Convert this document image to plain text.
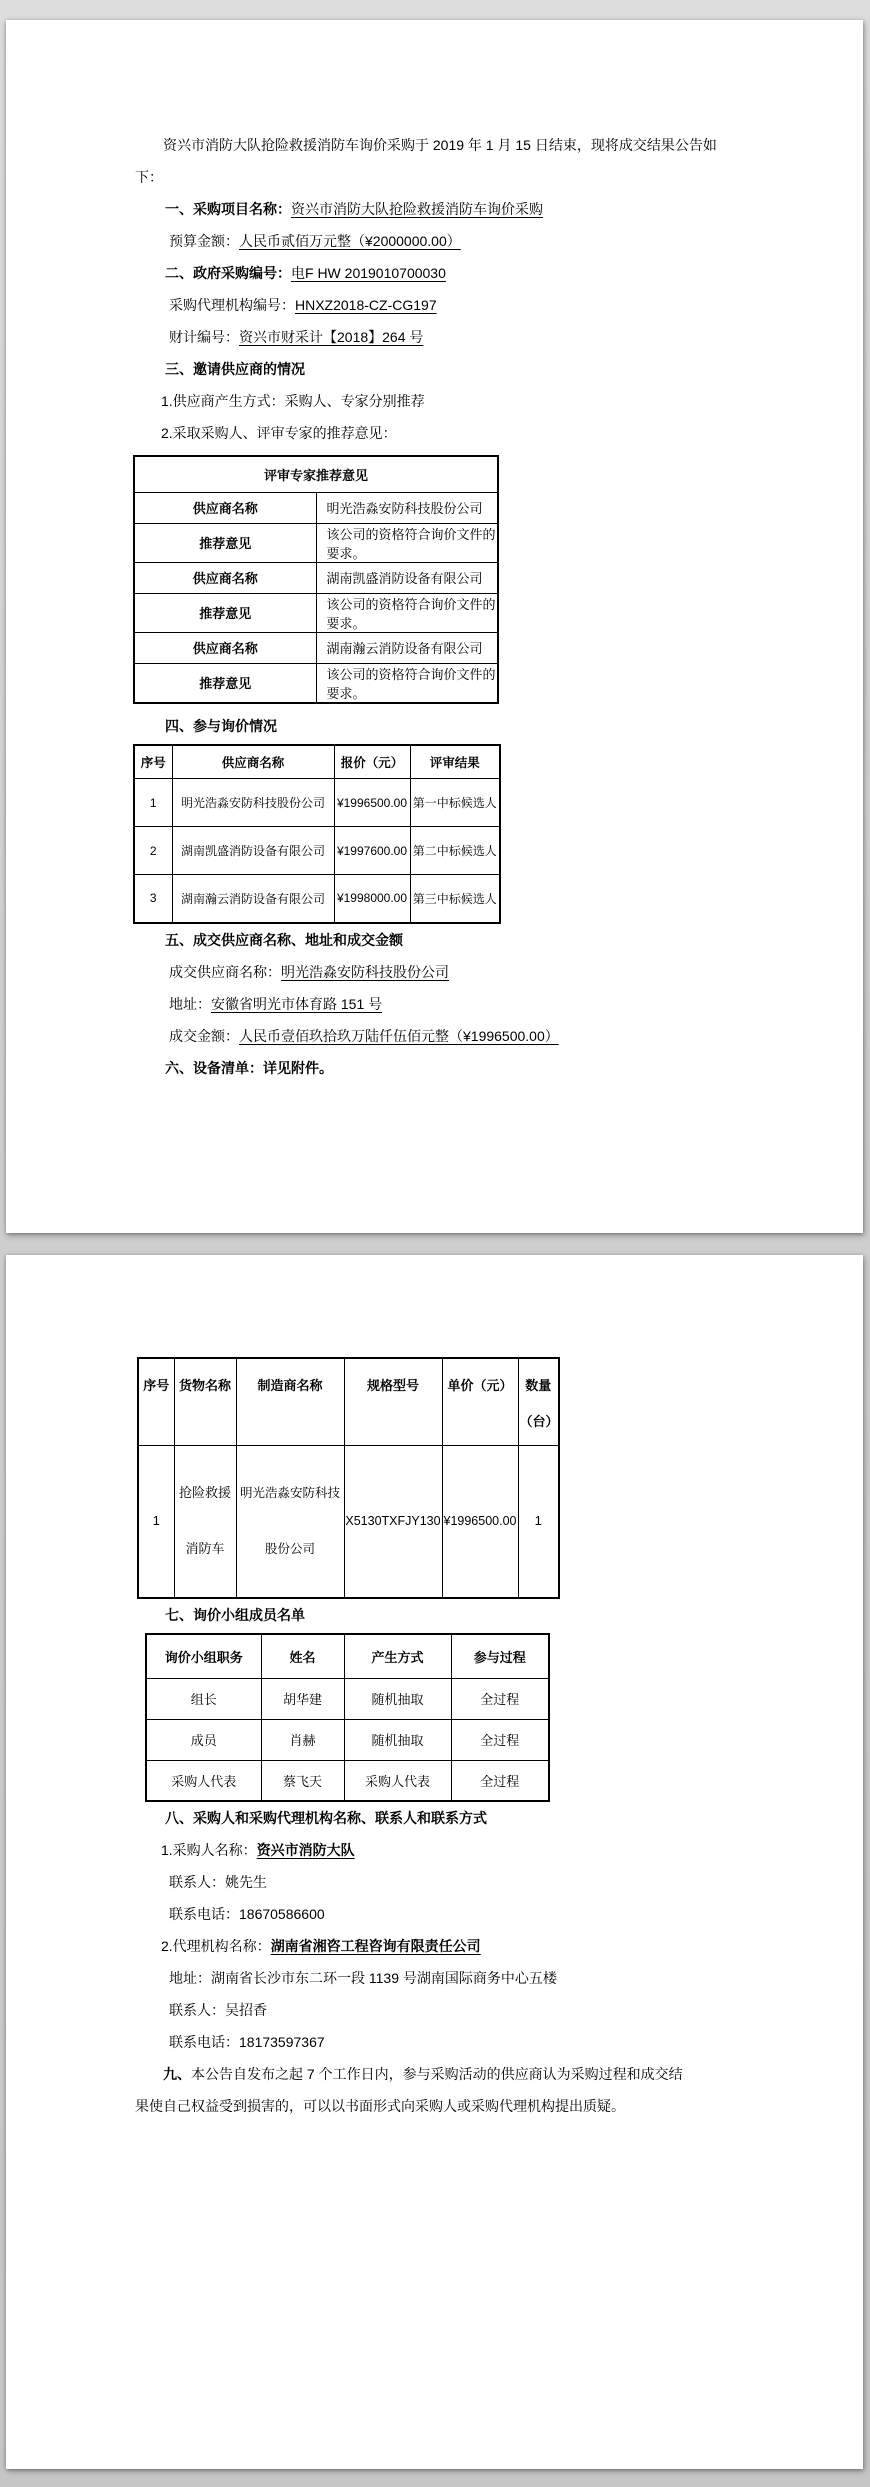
资兴市消防大队抢险救援消防车询价采购于 2019 年 1 月 15 日结束，现将成交结果公告如下：

一、采购项目名称：资兴市消防大队抢险救援消防车询价采购

预算金额：人民币贰佰万元整（¥2000000.00）

二、政府采购编号：电F HW 2019010700030

采购代理机构编号：HNXZ2018-CZ-CG197

财计编号：资兴市财采计【2018】264 号

三、邀请供应商的情况

1.供应商产生方式：采购人、专家分别推荐

2.采取采购人、评审专家的推荐意见：

评审专家推荐意见	
供应商名称	明光浩淼安防科技股份公司
推荐意见	该公司的资格符合询价文件的要求。
供应商名称	湖南凯盛消防设备有限公司
推荐意见	该公司的资格符合询价文件的要求。
供应商名称	湖南瀚云消防设备有限公司
推荐意见	该公司的资格符合询价文件的要求。

四、参与询价情况

序号	供应商名称	报价（元）	评审结果
1	明光浩淼安防科技股份公司	¥1996500.00	第一中标候选人
2	湖南凯盛消防设备有限公司	¥1997600.00	第二中标候选人
3	湖南瀚云消防设备有限公司	¥1998000.00	第三中标候选人

五、成交供应商名称、地址和成交金额

成交供应商名称：明光浩淼安防科技股份公司

地址：安徽省明光市体育路 151 号

成交金额：人民币壹佰玖拾玖万陆仟伍佰元整（¥1996500.00）

六、设备清单：详见附件。

序号	货物名称	制造商名称	规格型号	单价（元）	数量
（台）

1	抢险救援消防车	明光浩淼安防科技股份公司	X5130TXFJY130	¥1996500.00	1

七、询价小组成员名单

询价小组职务	姓名	产生方式	参与过程
组长	胡华建	随机抽取	全过程
成员	肖赫	随机抽取	全过程
采购人代表	蔡飞天	采购人代表	全过程

八、采购人和采购代理机构名称、联系人和联系方式

1.采购人名称：资兴市消防大队

联系人：姚先生

联系电话：18670586600

2.代理机构名称：湖南省湘咨工程咨询有限责任公司

地址：湖南省长沙市东二环一段 1139 号湖南国际商务中心五楼

联系人：吴招香

联系电话：18173597367

九、本公告自发布之起 7 个工作日内，参与采购活动的供应商认为采购过程和成交结果使自己权益受到损害的，可以以书面形式向采购人或采购代理机构提出质疑。
